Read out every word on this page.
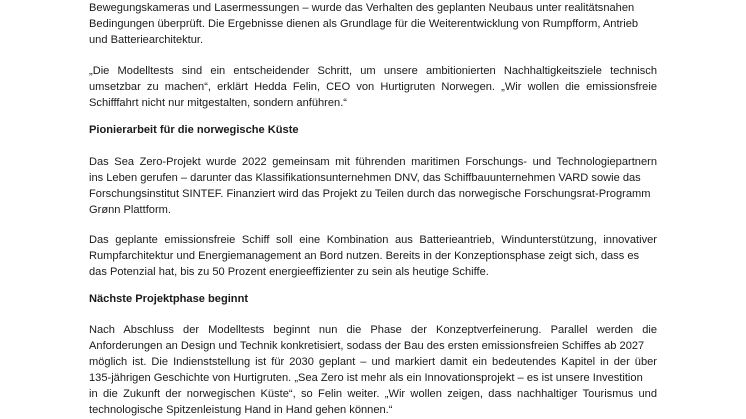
Bewegungskameras und Lasermessungen – wurde das Verhalten des geplanten Neubaus unter realitätsnahen
Bedingungen überprüft. Die Ergebnisse dienen als Grundlage für die Weiterentwicklung von Rumpfform, Antrieb
und Batteriearchitektur.
„Die Modelltests sind ein entscheidender Schritt, um unsere ambitionierten Nachhaltigkeitsziele technisch
umsetzbar zu machen“, erklärt Hedda Felin, CEO von Hurtigruten Norwegen. „Wir wollen die emissionsfreie
Schifffahrt nicht nur mitgestalten, sondern anführen.“
Pionierarbeit für die norwegische Küste
Das Sea Zero-Projekt wurde 2022 gemeinsam mit führenden maritimen Forschungs- und Technologiepartnern
ins Leben gerufen – darunter das Klassifikationsunternehmen DNV, das Schiffbauunternehmen VARD sowie das
Forschungsinstitut SINTEF. Finanziert wird das Projekt zu Teilen durch das norwegische Forschungsrat-Programm
Grønn Plattform.
Das geplante emissionsfreie Schiff soll eine Kombination aus Batterieantrieb, Windunterstützung, innovativer
Rumpfarchitektur und Energiemanagement an Bord nutzen. Bereits in der Konzeptionsphase zeigt sich, dass es
das Potenzial hat, bis zu 50 Prozent energieeffizienter zu sein als heutige Schiffe.
Nächste Projektphase beginnt
Nach Abschluss der Modelltests beginnt nun die Phase der Konzeptverfeinerung. Parallel werden die
Anforderungen an Design und Technik konkretisiert, sodass der Bau des ersten emissionsfreien Schiffes ab 2027
möglich ist. Die Indienststellung ist für 2030 geplant – und markiert damit ein bedeutendes Kapitel in der über
135-jährigen Geschichte von Hurtigruten. „Sea Zero ist mehr als ein Innovationsprojekt – es ist unsere Investition
in die Zukunft der norwegischen Küste“, so Felin weiter. „Wir wollen zeigen, dass nachhaltiger Tourismus und
technologische Spitzenleistung Hand in Hand gehen können.“
